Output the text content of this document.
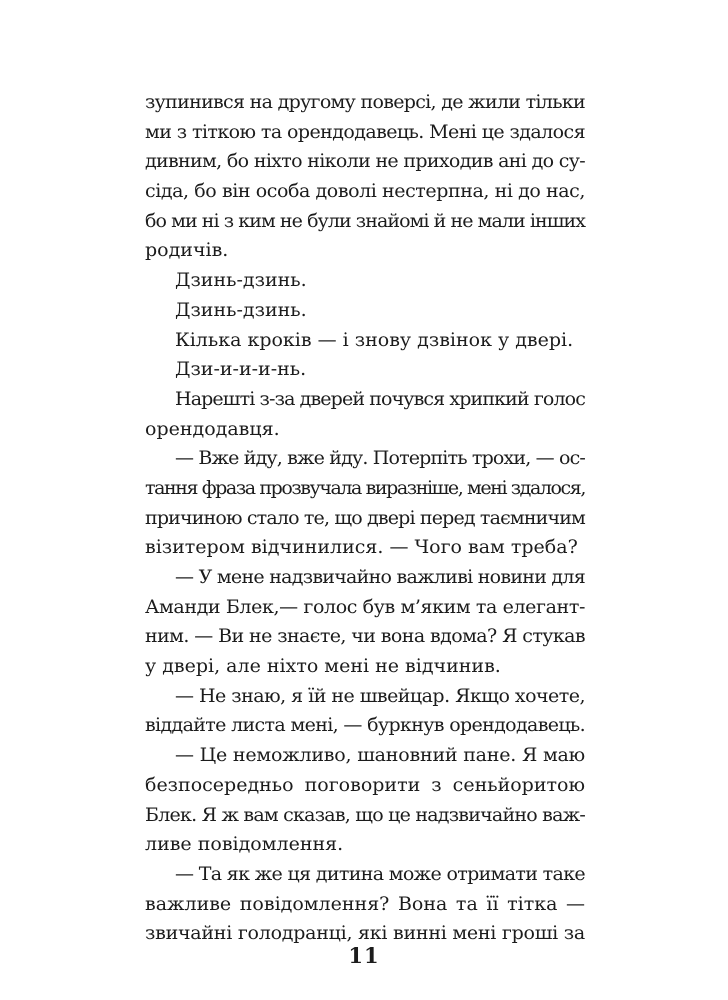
зупинився на другому поверсі, де жили тільки
ми з тіткою та орендодавець. Мені це здалося
дивним, бо ніхто ніколи не приходив ані до су-
сіда, бо він особа доволі нестерпна, ні до нас,
бо ми ні з ким не були знайомі й не мали інших
родичів.
Дзинь-дзинь.
Дзинь-дзинь.
Кілька кроків — і знову дзвінок у двері.
Дзи-и-и-и-нь.
Нарешті з-за дверей почувся хрипкий голос
орендодавця.
— Вже йду, вже йду. Потерпіть трохи, — ос-
тання фраза прозвучала виразніше, мені здалося,
причиною стало те, що двері перед таємничим
візитером відчинилися. — Чого вам треба?
— У мене надзвичайно важливі новини для
Аманди Блек,— голос був м’яким та елегант-
ним. — Ви не знаєте, чи вона вдома? Я стукав
у двері, але ніхто мені не відчинив.
— Не знаю, я їй не швейцар. Якщо хочете,
віддайте листа мені, — буркнув орендодавець.
— Це неможливо, шановний пане. Я маю
безпосередньо поговорити з сеньйоритою
Блек. Я ж вам сказав, що це надзвичайно важ-
ливе повідомлення.
— Та як же ця дитина може отримати таке
важливе повідомлення? Вона та її тітка —
звичайні голодранці, які винні мені гроші за
11
